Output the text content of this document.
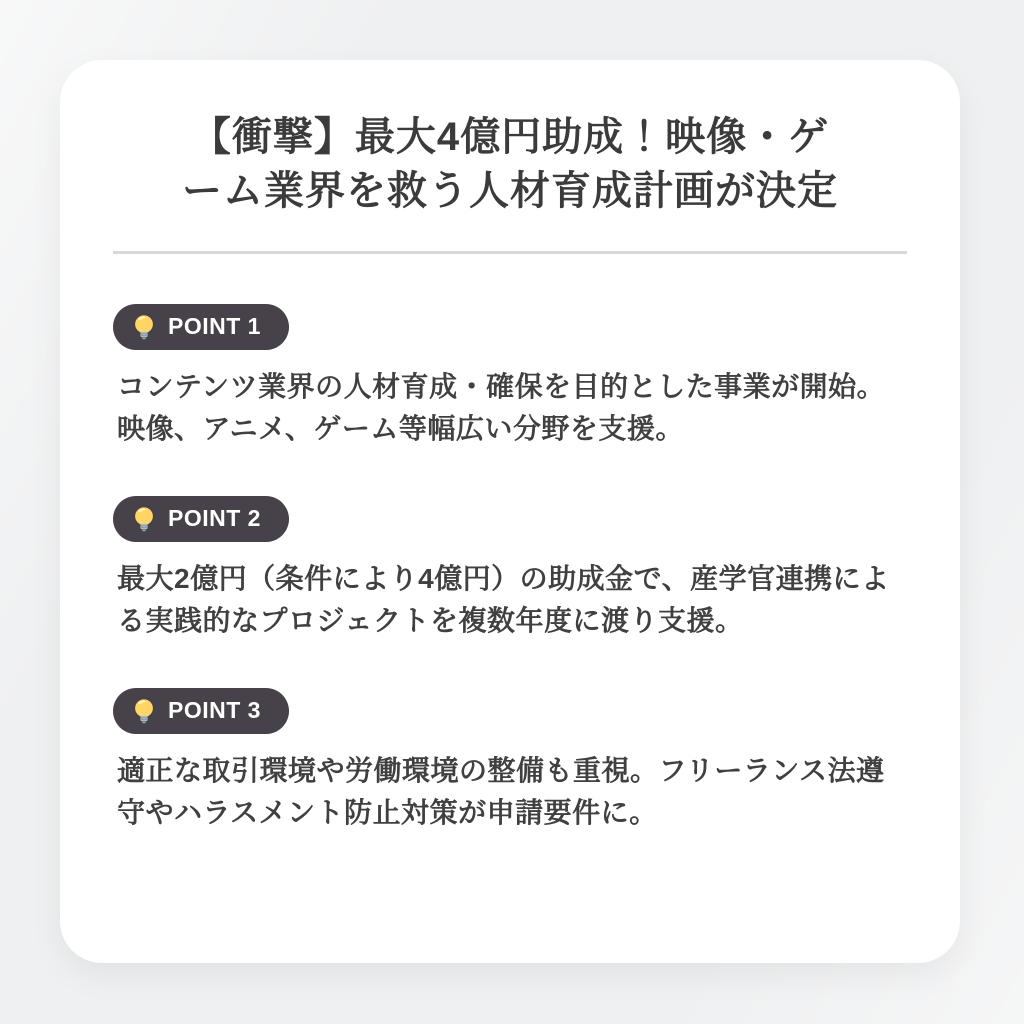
【衝撃】最大4億円助成！映像・ゲーム業界を救う人材育成計画が決定
POINT 1

コンテンツ業界の人材育成・確保を目的とした事業が開始。映像、アニメ、ゲーム等幅広い分野を支援。

POINT 2

最大2億円（条件により4億円）の助成金で、産学官連携による実践的なプロジェクトを複数年度に渡り支援。

POINT 3

適正な取引環境や労働環境の整備も重視。フリーランス法遵守やハラスメント防止対策が申請要件に。
